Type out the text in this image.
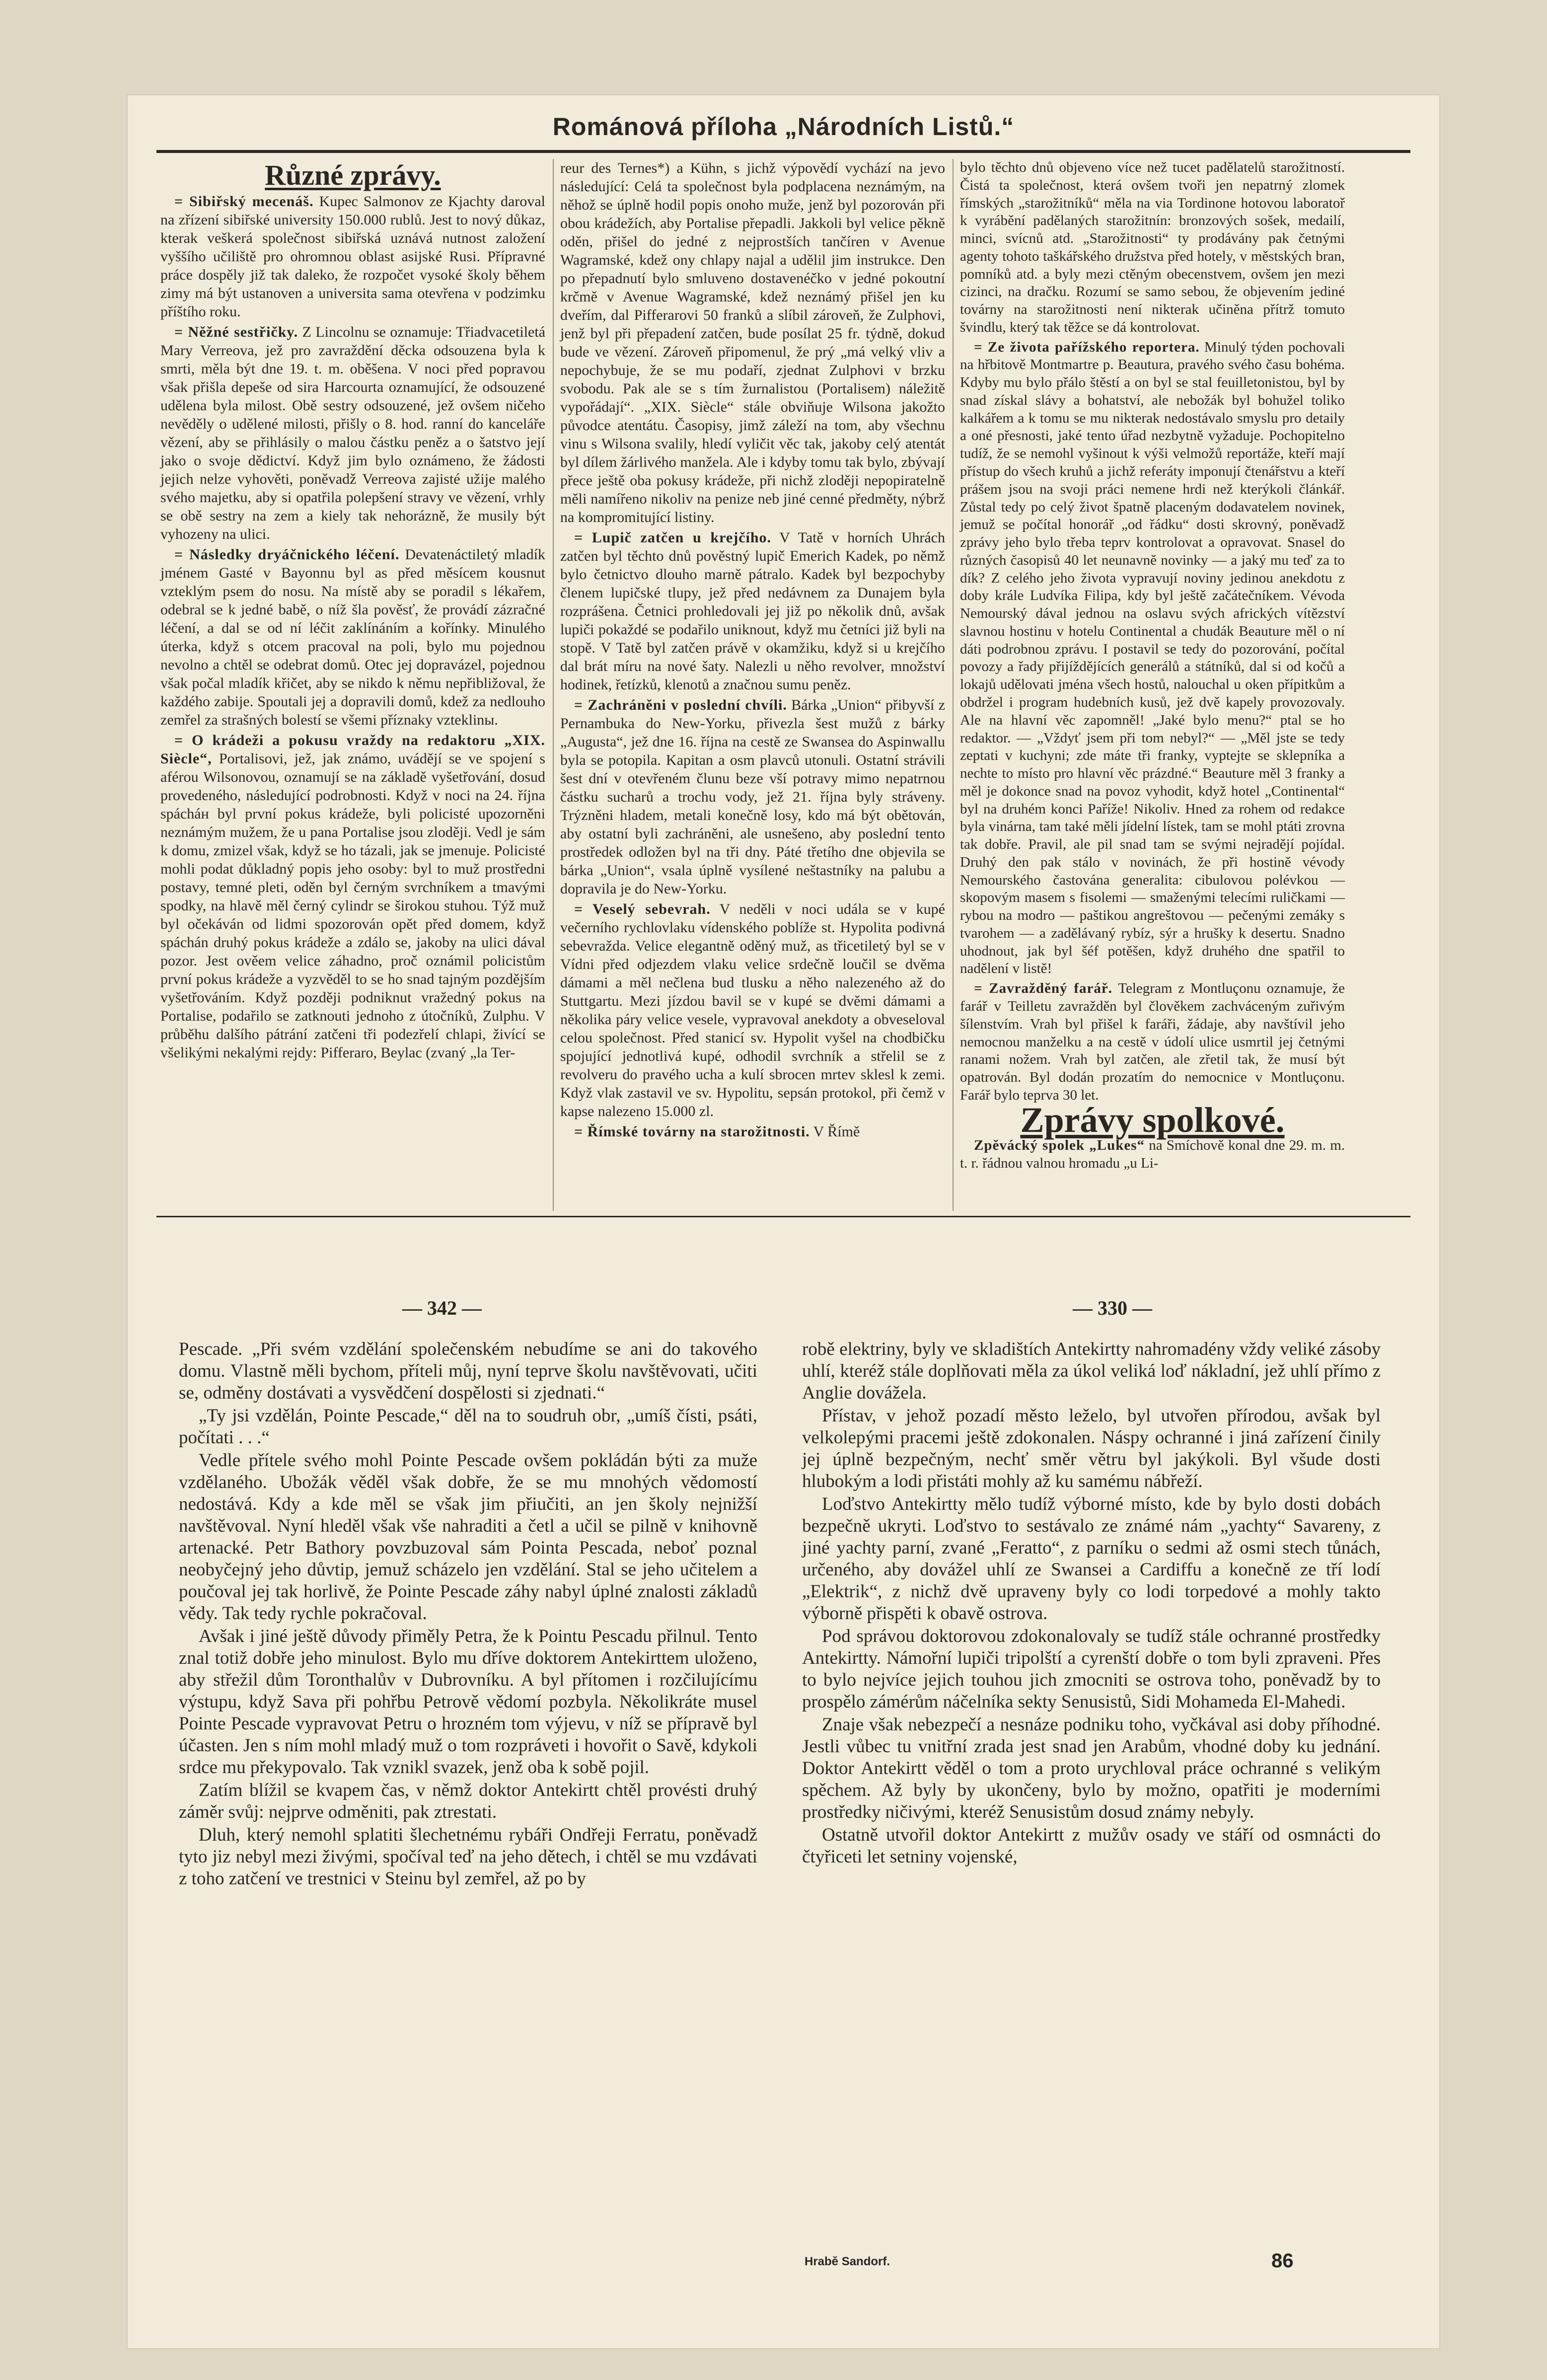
Románová příloha „Národních Listů.“
Různé zprávy.

= Sibiřský mecenáš. Kupec Salmonov ze Kjachty daroval na zřízení sibiřské university 150.000 rublů. Jest to nový důkaz, kterak veškerá společnost sibiřská uznává nutnost založení vyššího učiliště pro ohromnou oblast asijské Rusi. Přípravné práce dospěly již tak daleko, že rozpočet vysoké školy během zimy má být ustanoven a universita sama otevřena v podzimku příštího roku.

= Něžné sestřičky. Z Lincolnu se oznamuje: Třiadvacetiletá Mary Verreova, jež pro zavraždění děcka odsouzena byla k smrti, měla být dne 19. t. m. oběšena. V noci před popravou však přišla depeše od sira Harcourta oznamující, že odsouzené udělena byla milost. Obě sestry odsouzené, jež ovšem ničeho nevěděly o udělené milosti, přišly o 8. hod. ranní do kanceláře vězení, aby se přihlásily o malou částku peněz a o šatstvo její jako o svoje dědictví. Když jim bylo oznámeno, že žádosti jejich nelze vyhověti, poněvadž Verreova zajisté užije malého svého majetku, aby si opatřila polepšení stravy ve vězení, vrhly se obě sestry na zem a kiely tak nehorázně, že musily být vyhozeny na ulici.

= Následky dryáčnického léčení. Devatenáctiletý mladík jménem Gasté v Bayonnu byl as před měsícem kousnut vzteklým psem do nosu. Na místě aby se poradil s lékařem, odebral se k jedné babě, o níž šla pověsť, že provádí zázračné léčení, a dal se od ní léčit zaklínáním a kořínky. Minulého úterka, když s otcem pracoval na poli, bylo mu pojednou nevolno a chtěl se odebrat domů. Otec jej dopravázel, pojednou však počal mladík křičet, aby se nikdo k němu nepřibližoval, že každého zabije. Spoutali jej a dopravili domů, kdež za nedlouho zemřel za strašných bolestí se všemi příznaky vzteklinы.

= O krádeži a pokusu vraždy na redaktoru „XIX. Siècle“, Portalisovi, jež, jak známo, uvádějí se ve spojení s aférou Wilsonovou, oznamují se na základě vyšetřování, dosud provedeného, následující podrobnosti. Když v noci na 24. října spácháн byl první pokus krádeže, byli policisté upozorněni neznámým mužem, že u pana Portalise jsou zloději. Vedl je sám k domu, zmizel však, když se ho tázali, jak se jmenuje. Policisté mohli podat důkladný popis jeho osoby: byl to muž prostředni postavy, temné pleti, oděn byl černým svrchníkem a tmavými spodky, na hlavě měl černý cylindr se širokou stuhou. Týž muž byl očekáván od lidmi spozorován opět před domem, když spáchán druhý pokus krádeže a zdálo se, jakoby na ulici dával pozor. Jest ověem velice záhadno, proč oznámil policistům první pokus krádeže a vyzvěděl to se ho snad tajným pozdějším vyšetřováním. Když později podniknut vražedný pokus na Portalise, podařilo se zatknouti jednoho z útočníků, Zulphu. V průběhu dalšího pátrání zatčeni tři podezřelí chlapi, živící se všelikými nekalými rejdy: Pifferaro, Beylac (zvaný „la Ter-

reur des Ternes*) a Kühn, s jichž výpovědí vychází na jevo následující: Celá ta společnost byla podplacena neznámým, na něhož se úplně hodil popis onoho muže, jenž byl pozorován při obou krádežích, aby Portalise přepadli. Jakkoli byl velice pěkně oděn, přišel do jedné z nejprostších tančíren v Avenue Wagramské, kdež ony chlapy najal a udělil jim instrukce. Den po přepadnutí bylo smluveno dostavenéčko v jedné pokoutní krčmě v Avenue Wagramské, kdež neznámý přišel jen ku dveřím, dal Pifferarovi 50 franků a slíbil zároveň, že Zulphovi, jenž byl při přepadení zatčen, bude posílat 25 fr. týdně, dokud bude ve vězení. Zároveň připomenul, že prý „má velký vliv a nepochybuje, že se mu podaří, zjednat Zulphovi v brzku svobodu. Pak ale se s tím žurnalistou (Portalisem) náležitě vypořádají“. „XIX. Siècle“ stále obviňuje Wilsona jakožto původce atentátu. Časopisy, jimž záleží na tom, aby všechnu vinu s Wilsona svalily, hledí vyličit věc tak, jakoby celý atentát byl dílem žárlivého manžela. Ale i kdyby tomu tak bylo, zbývají přece ještě oba pokusy krádeže, při nichž zloději nepopiratelně měli namířeno nikoliv na penize neb jiné cenné předměty, nýbrž na kompromitující listiny.

= Lupič zatčen u krejčího. V Tatě v horních Uhrách zatčen byl těchto dnů pověstný lupič Emerich Kadek, po němž bylo četnictvo dlouho marně pátralo. Kadek byl bezpochyby členem lupičské tlupy, jež před nedávnem za Dunajem byla rozprášena. Četnici prohledovali jej již po několik dnů, avšak lupiči pokaždé se podařilo uniknout, když mu četníci již byli na stopě. V Tatě byl zatčen právě v okamžiku, když si u krejčího dal brát míru na nové šaty. Nalezli u něho revolver, množství hodinek, řetízků, klenotů a značnou sumu peněz.

= Zachráněni v poslední chvíli. Bárka „Union“ přibyvší z Pernambuka do New-Yorku, přivezla šest mužů z bárky „Augusta“, jež dne 16. října na cestě ze Swansea do Aspinwallu byla se potopila. Kapitan a osm plavců utonuli. Ostatní strávili šest dní v otevřeném člunu beze vší potravy mimo nepatrnou částku sucharů a trochu vody, jež 21. října byly stráveny. Trýzněni hladem, metali konečně losy, kdo má být obětován, aby ostatní byli zachráněni, ale usnešeno, aby poslední tento prostředek odložen byl na tři dny. Páté třetího dne objevila se bárka „Union“, vsala úplně vysílené neštastníky na palubu a dopravila je do New-Yorku.

= Veselý sebevrah. V neděli v noci udála se v kupé večerního rychlovlaku vídenského poblíže st. Hypolita podivná sebevražda. Velice elegantně oděný muž, as třicetiletý byl se v Vídni před odjezdem vlaku velice srdečně loučil se dvěma dámami a měl nečlena bud tlusku a něho nalezeného až do Stuttgartu. Mezi jízdou bavil se v kupé se dvěmi dámami a několika páry velice vesele, vypravoval anekdoty a obveseloval celou společnost. Před stanicí sv. Hypolit vyšel na chodbičku spojující jednotlivá kupé, odhodil svrchník a střelil se z revolveru do pravého ucha a kulí sbrocen mrtev sklesl k zemi. Když vlak zastavil ve sv. Hypolitu, sepsán protokol, při čemž v kapse nalezeno 15.000 zl.

= Římské továrny na starožitnosti. V Římě

bylo těchto dnů objeveno více než tucet padělatelů starožitností. Čistá ta společnost, která ovšem tvoři jen nepatrný zlomek římských „starožitníků“ měla na via Tordinone hotovou laboratoř k vyrábění padělaných starožitnín: bronzových sošek, medailí, minci, svícnů atd. „Starožitnosti“ ty prodávány pak četnými agenty tohoto taškářského družstva před hotely, v městských bran, pomníků atd. a byly mezi ctěným obecenstvem, ovšem jen mezi cizinci, na dračku. Rozumí se samo sebou, že objevením jediné továrny na starožitnosti není nikterak učiněna přítrž tomuto švindlu, který tak těžce se dá kontrolovat.

= Ze života pařížského reportera. Minulý týden pochovali na hřbitově Montmartre p. Beautura, pravého svého času bohéma. Kdyby mu bylo přálo štěstí a on byl se stal feuilletonistou, byl by snad získal slávy a bohatství, ale nebožák byl bohužel toliko kalkářem a k tomu se mu nikterak nedostávalo smyslu pro detaily a oné přesnosti, jaké tento úřad nezbytně vyžaduje. Pochopitelno tudíž, že se nemohl vyšinout k výši velmožů reportáže, kteří mají přístup do všech kruhů a jichž referáty imponují čtenářstvu a kteří prášem jsou na svoji práci nemene hrdi než kterýkoli článkář. Zůstal tedy po celý život špatně placeným dodavatelem novinek, jemuž se počítal honorář „od řádku“ dosti skrovný, poněvadž zprávy jeho bylo třeba teprv kontrolovat a opravovat. Snasel do různých časopisů 40 let neunavně novinky — a jaký mu teď za to dík? Z celého jeho života vypravují noviny jedinou anekdotu z doby krále Ludvíka Filipa, kdy byl ještě začátečníkem. Vévoda Nemourský dával jednou na oslavu svých afrických vítězství slavnou hostinu v hotelu Continental a chudák Beauture měl o ní dáti podrobnou zprávu. I postavil se tedy do pozorování, počítal povozy a řady přijíždějících generálů a státníků, dal si od kočů a lokajů udělovati jména všech hostů, nalouchal u oken přípitkům a obdržel i program hudebních kusů, jež dvě kapely provozovaly. Ale na hlavní věc zapomněl! „Jaké bylo menu?“ ptal se ho redaktor. — „Vždyť jsem při tom nebyl?“ — „Měl jste se tedy zeptati v kuchyni; zde máte tři franky, vyptejte se sklepníka a nechte to místo pro hlavní věc prázdné.“ Beauture měl 3 franky a měl je dokonce snad na povoz vyhodit, když hotel „Continental“ byl na druhém konci Paříže! Nikoliv. Hned za rohem od redakce byla vinárna, tam také měli jídelní lístek, tam se mohl ptáti zrovna tak dobře. Pravil, ale pil snad tam se svými nejradějí pojídal. Druhý den pak stálo v novinách, že při hostině vévody Nemourského častována generalita: cibulovou polévkou — skopovým masem s fisolemi — smaženými telecími ruličkami — rybou na modro — paštikou angreštovou — pečenými zemáky s tvarohem — a zadělávaný rybíz, sýr a hrušky k desertu. Snadno uhodnout, jak byl šéf potěšen, když druhého dne spatřil to nadělení v listě!

= Zavražděný farář. Telegram z Montluçonu oznamuje, že farář v Teilletu zavražděn byl člověkem zachváceným zuřivým šílenstvím. Vrah byl přišel k faráři, žádaje, aby navštívil jeho nemocnou manželku a na cestě v údolí ulice usmrtil jej četnými ranami nožem. Vrah byl zatčen, ale zřetil tak, že musí být opatrován. Byl dodán prozatím do nemocnice v Montluçonu. Farář bylo teprva 30 let.

Zprávy spolkové.

Zpěvácký spolek „Lukes“ na Smíchově konal dne 29. m. m. t. r. řádnou valnou hromadu „u Li-

— 342 —	— 330 —

Pescade. „Při svém vzdělání společenském nebudíme se ani do takového domu. Vlastně měli bychom, příteli můj, nyní teprve školu navštěvovati, učiti se, odměny dostávati a vysvědčení dospělosti si zjednati.“

„Ty jsi vzdělán, Pointe Pescade,“ děl na to soudruh obr, „umíš čísti, psáti, počítati . . .“

Vedle přítele svého mohl Pointe Pescade ovšem pokládán býti za muže vzdělaného. Ubožák věděl však dobře, že se mu mnohých vědomostí nedostává. Kdy a kde měl se však jim přiučiti, an jen školy nejnižší navštěvoval. Nyní hleděl však vše nahraditi a četl a učil se pilně v knihovně artenacké. Petr Bathory povzbuzoval sám Pointa Pescada, neboť poznal neobyčejný jeho důvtip, jemuž scházelo jen vzdělání. Stal se jeho učitelem a poučoval jej tak horlivě, že Pointe Pescade záhy nabyl úplné znalosti základů vědy. Tak tedy rychle pokračoval.

Avšak i jiné ještě důvody přiměly Petra, že k Pointu Pescadu přilnul. Tento znal totiž dobře jeho minulost. Bylo mu dříve doktorem Antekirttem uloženo, aby střežil dům Toronthalův v Dubrovníku. A byl přítomen i rozčilujícímu výstupu, když Sava při pohřbu Petrově vědomí pozbyla. Několikráte musel Pointe Pescade vypravovat Petru o hrozném tom výjevu, v níž se přípravě byl účasten. Jen s ním mohl mladý muž o tom rozpráveti i hovořit o Savě, kdykoli srdce mu překypovalo. Tak vznikl svazek, jenž oba k sobě pojil.

Zatím blížil se kvapem čas, v němž doktor Antekirtt chtěl provésti druhý záměr svůj: nejprve odměniti, pak ztrestati.

Dluh, který nemohl splatiti šlechetnému rybáři Ondřeji Ferratu, poněvadž tyto jiz nebyl mezi živými, spočíval teď na jeho dětech, i chtěl se mu vzdávati z toho zatčení ve trestnici v Steinu byl zemřel, až po by

robě elektriny, byly ve skladištích Antekirtty nahromadény vždy veliké zásoby uhlí, kteréž stále doplňovati měla za úkol veliká loď nákladní, jež uhlí přímo z Anglie dovážela.

Přístav, v jehož pozadí město leželo, byl utvořen přírodou, avšak byl velkolepými pracemi ještě zdokonalen. Náspy ochranné i jiná zařízení činily jej úplně bezpečným, nechť směr větru byl jakýkoli. Byl všude dosti hlubokým a lodi přistáti mohly až ku samému nábřeží.

Loďstvo Antekirtty mělo tudíž výborné místo, kde by bylo dosti dobách bezpečně ukryti. Loďstvo to sestávalo ze známé nám „yachty“ Savareny, z jiné yachty parní, zvané „Feratto“, z parníku o sedmi až osmi stech tůnách, určeného, aby dovážel uhlí ze Swansei a Cardiffu a konečně ze tří lodí „Elektrik“, z nichž dvě upraveny byly co lodi torpedové a mohly takto výborně přispěti k obavě ostrova.

Pod správou doktorovou zdokonalovaly se tudíž stále ochranné prostředky Antekirtty. Námořní lupiči tripolští a cyrenští dobře o tom byli zpraveni. Přes to bylo nejvíce jejich touhou jich zmocniti se ostrova toho, poněvadž by to prospělo zámérům náčelníka sekty Senusistů, Sidi Mohameda El-Mahedi.

Znaje však nebezpečí a nesnáze podniku toho, vyčkával asi doby příhodné. Jestli vůbec tu vnitřní zrada jest snad jen Arabům, vhodné doby ku jednání. Doktor Antekirtt věděl o tom a proto urychloval práce ochranné s velikým spěchem. Až byly by ukončeny, bylo by možno, opatřiti je moderními prostředky ničivými, kteréž Senusistům dosud známy nebyly.

Ostatně utvořil doktor Antekirtt z mužův osady ve stáří od osmnácti do čtyřiceti let setniny vojenské,

Hrabě Sandorf.	86
